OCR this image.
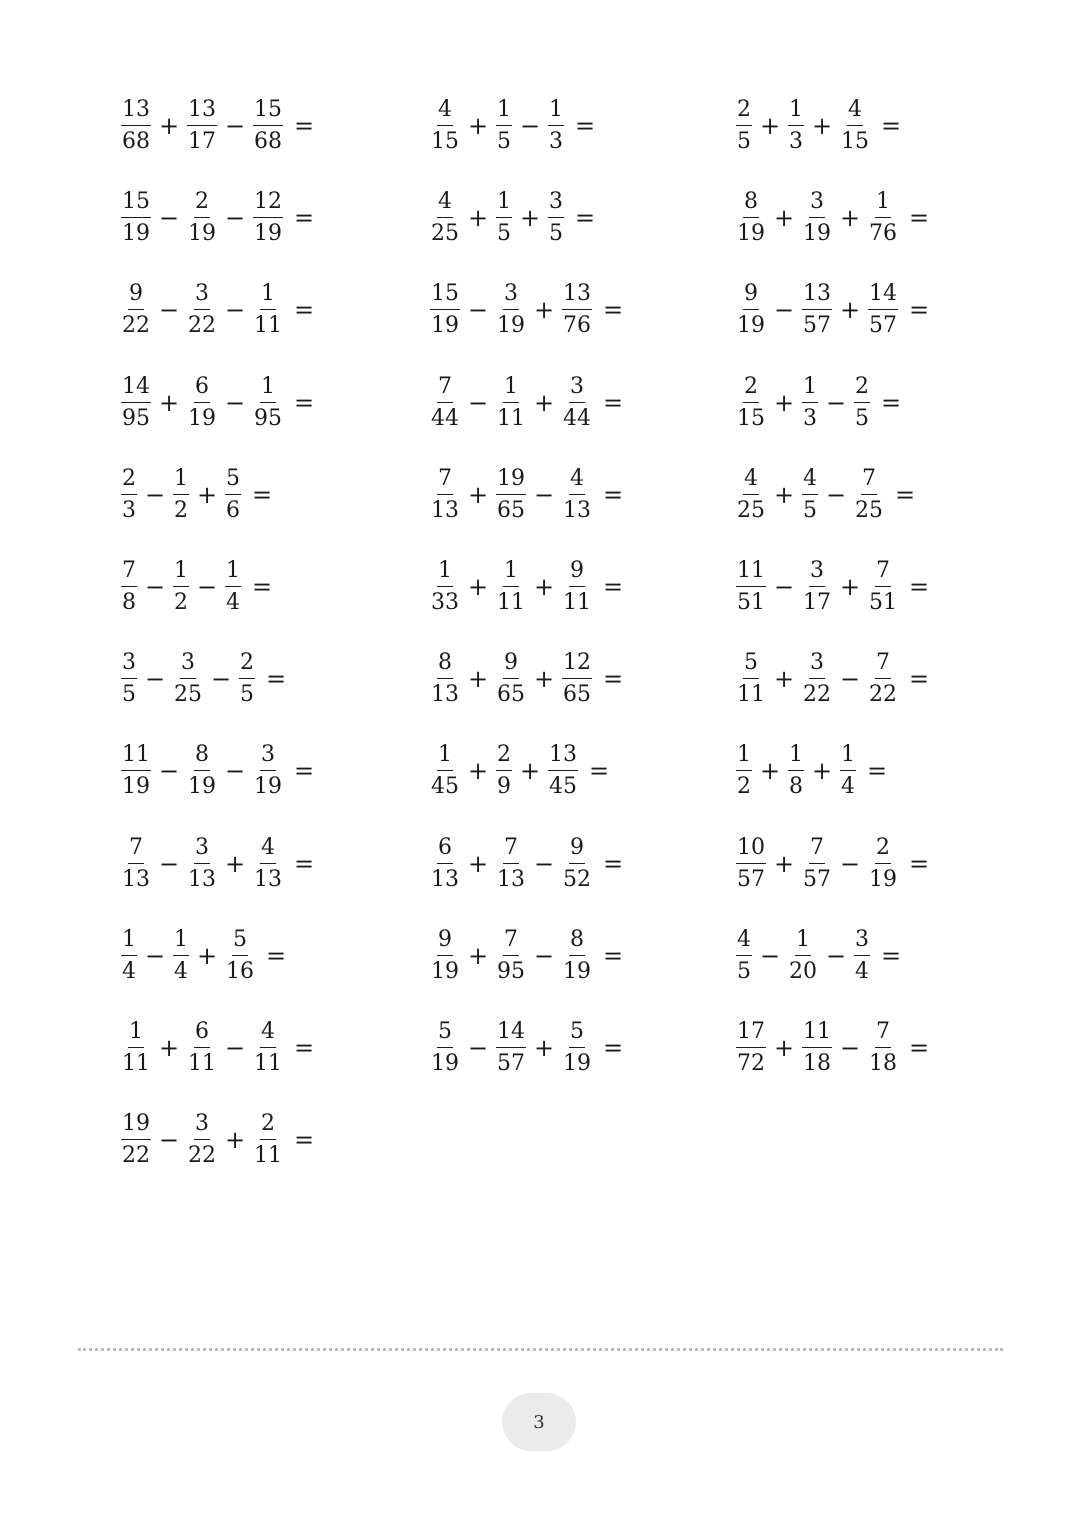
$\frac{13}{68} + \frac{13}{17} - \frac{15}{68}$ =	$\frac{4}{15} + \frac{1}{5} - \frac{1}{3}$ =	$\frac{2}{5} + \frac{1}{3} + \frac{4}{15}$ =
$\frac{15}{19} - \frac{2}{19} - \frac{12}{19}$ =	$\frac{4}{25} + \frac{1}{5} + \frac{3}{5}$ =	$\frac{8}{19} + \frac{3}{19} + \frac{1}{76}$ =
$\frac{9}{22} - \frac{3}{22} - \frac{1}{11}$ =	$\frac{15}{19} - \frac{3}{19} + \frac{13}{76}$ =	$\frac{9}{19} - \frac{13}{57} + \frac{14}{57}$ =
$\frac{14}{95} + \frac{6}{19} - \frac{1}{95}$ =	$\frac{7}{44} - \frac{1}{11} + \frac{3}{44}$ =	$\frac{2}{15} + \frac{1}{3} - \frac{2}{5}$ =
$\frac{2}{3} - \frac{1}{2} + \frac{5}{6}$ =	$\frac{7}{13} + \frac{19}{65} - \frac{4}{13}$ =	$\frac{4}{25} + \frac{4}{5} - \frac{7}{25}$ =
$\frac{7}{8} - \frac{1}{2} - \frac{1}{4}$ =	$\frac{1}{33} + \frac{1}{11} + \frac{9}{11}$ =	$\frac{11}{51} - \frac{3}{17} + \frac{7}{51}$ =
$\frac{3}{5} - \frac{3}{25} - \frac{2}{5}$ =	$\frac{8}{13} + \frac{9}{65} + \frac{12}{65}$ =	$\frac{5}{11} + \frac{3}{22} - \frac{7}{22}$ =
$\frac{11}{19} - \frac{8}{19} - \frac{3}{19}$ =	$\frac{1}{45} + \frac{2}{9} + \frac{13}{45}$ =	$\frac{1}{2} + \frac{1}{8} + \frac{1}{4}$ =
$\frac{7}{13} - \frac{3}{13} + \frac{4}{13}$ =	$\frac{6}{13} + \frac{7}{13} - \frac{9}{52}$ =	$\frac{10}{57} + \frac{7}{57} - \frac{2}{19}$ =
$\frac{1}{4} - \frac{1}{4} + \frac{5}{16}$ =	$\frac{9}{19} + \frac{7}{95} - \frac{8}{19}$ =	$\frac{4}{5} - \frac{1}{20} - \frac{3}{4}$ =
$\frac{1}{11} + \frac{6}{11} - \frac{4}{11}$ =	$\frac{5}{19} - \frac{14}{57} + \frac{5}{19}$ =	$\frac{17}{72} + \frac{11}{18} - \frac{7}{18}$ =
$\frac{19}{22} - \frac{3}{22} + \frac{2}{11}$ =
3
